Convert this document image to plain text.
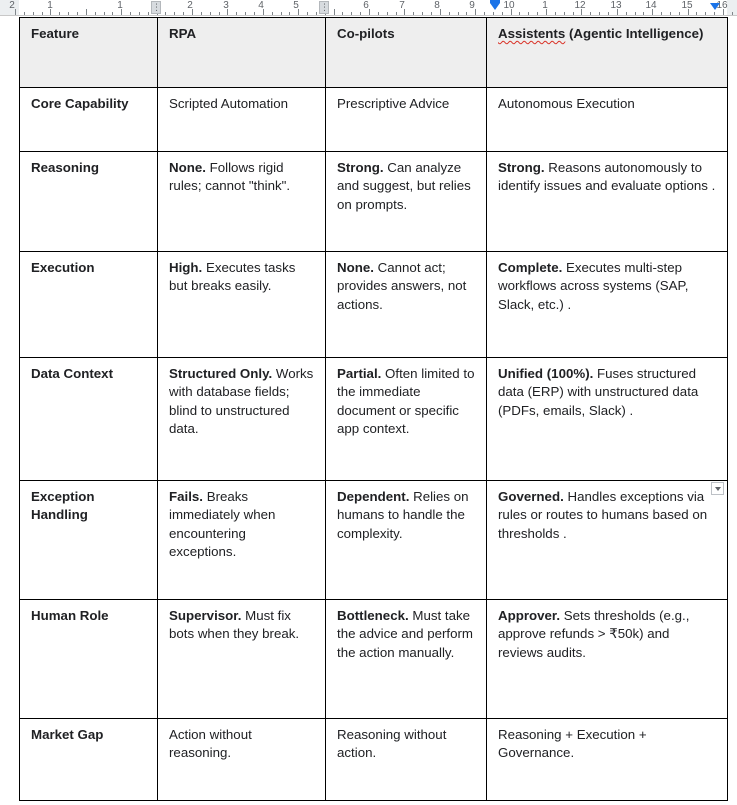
2	1	1	2	3	4	5	6	7	8	9	10	1	12 13 14 15 16
⋮	⋮
Feature	RPA	Co-pilots	Assistents (Agentic Intelligence)
Core Capability	Scripted Automation	Prescriptive Advice	Autonomous Execution
Reasoning	None. Follows rigid rules; cannot "think".	Strong. Can analyze and suggest, but relies on prompts.	Strong. Reasons autonomously to identify issues and evaluate options .
Execution	High. Executes tasks but breaks easily.	None. Cannot act; provides answers, not actions.	Complete. Executes multi-step workflows across systems (SAP, Slack, etc.) .
Data Context	Structured Only. Works with database fields; blind to unstructured data.	Partial. Often limited to the immediate document or specific app context.	Unified (100%). Fuses structured data (ERP) with unstructured data (PDFs, emails, Slack) .
Exception Handling	Fails. Breaks immediately when encountering exceptions.	Dependent. Relies on humans to handle the complexity.	Governed. Handles exceptions via rules or routes to humans based on thresholds .
Human Role	Supervisor. Must fix bots when they break.	Bottleneck. Must take the advice and perform the action manually.	Approver. Sets thresholds (e.g., approve refunds > ₹50k) and reviews audits.
Market Gap	Action without reasoning.	Reasoning without action.	Reasoning + Execution + Governance.
